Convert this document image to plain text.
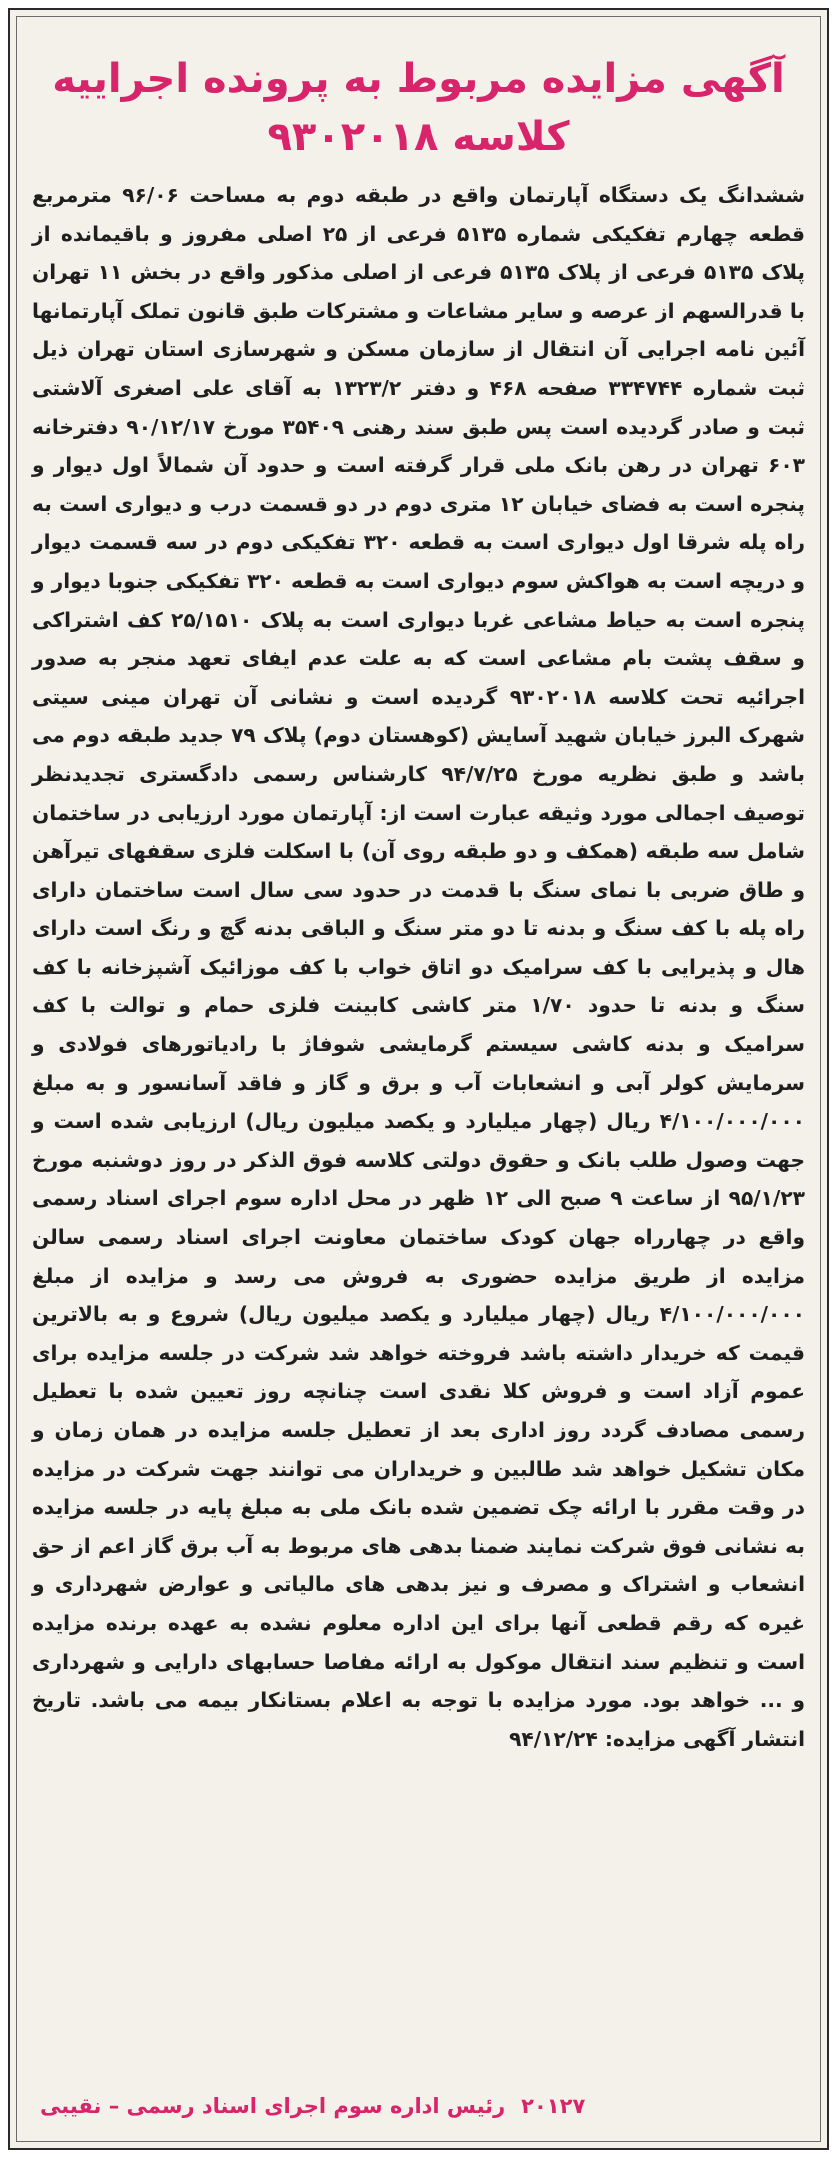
آگهی مزایده مربوط به پرونده اجراییه

کلاسه ۹۳۰۲۰۱۸

ششدانگ یک دستگاه آپارتمان واقع در طبقه دوم به مساحت ۹۶/۰۶ مترمربع قطعه چهارم تفکیکی شماره ۵۱۳۵ فرعی از ۲۵ اصلی مفروز و باقیمانده از پلاک ۵۱۳۵ فرعی از پلاک ۵۱۳۵ فرعی از اصلی مذکور واقع در بخش ۱۱ تهران با قدرالسهم از عرصه و سایر مشاعات و مشترکات طبق قانون تملک آپارتمانها آئین نامه اجرایی آن انتقال از سازمان مسکن و شهرسازی استان تهران ذیل ثبت شماره ۳۳۴۷۴۴ صفحه ۴۶۸ و دفتر ۱۳۲۳/۲ به آقای علی اصغری آلاشتی ثبت و صادر گردیده است پس طبق سند رهنی ۳۵۴۰۹ مورخ ۹۰/۱۲/۱۷ دفترخانه ۶۰۳ تهران در رهن بانک ملی قرار گرفته است و حدود آن شمالاً اول دیوار و پنجره است به فضای خیابان ۱۲ متری دوم در دو قسمت درب و دیواری است به راه پله شرقا اول دیواری است به قطعه ۳۲۰ تفکیکی دوم در سه قسمت دیوار و دریچه است به هواکش سوم دیواری است به قطعه ۳۲۰ تفکیکی جنوبا دیوار و پنجره است به حیاط مشاعی غربا دیواری است به پلاک ۲۵/۱۵۱۰ کف اشتراکی و سقف پشت بام مشاعی است که به علت عدم ایفای تعهد منجر به صدور اجرائیه تحت کلاسه ۹۳۰۲۰۱۸ گردیده است و نشانی آن تهران مینی سیتی شهرک البرز خیابان شهید آسایش (کوهستان دوم) پلاک ۷۹ جدید طبقه دوم می باشد و طبق نظریه مورخ ۹۴/۷/۲۵ کارشناس رسمی دادگستری تجدیدنظر توصیف اجمالی مورد وثیقه عبارت است از: آپارتمان مورد ارزیابی در ساختمان شامل سه طبقه (همکف و دو طبقه روی آن) با اسکلت فلزی سقفهای تیرآهن و طاق ضربی با نمای سنگ با قدمت در حدود سی سال است ساختمان دارای راه پله با کف سنگ و بدنه تا دو متر سنگ و الباقی بدنه گچ و رنگ است دارای هال و پذیرایی با کف سرامیک دو اتاق خواب با کف موزائیک آشپزخانه با کف سنگ و بدنه تا حدود ۱/۷۰ متر کاشی کابینت فلزی حمام و توالت با کف سرامیک و بدنه کاشی سیستم گرمایشی شوفاژ با رادیاتورهای فولادی و سرمایش کولر آبی و انشعابات آب و برق و گاز و فاقد آسانسور و به مبلغ ۴/۱۰۰/۰۰۰/۰۰۰ ریال (چهار میلیارد و یکصد میلیون ریال) ارزیابی شده است و جهت وصول طلب بانک و حقوق دولتی کلاسه فوق الذکر در روز دوشنبه مورخ ۹۵/۱/۲۳ از ساعت ۹ صبح الی ۱۲ ظهر در محل اداره سوم اجرای اسناد رسمی واقع در چهارراه جهان کودک ساختمان معاونت اجرای اسناد رسمی سالن مزایده از طریق مزایده حضوری به فروش می رسد و مزایده از مبلغ ۴/۱۰۰/۰۰۰/۰۰۰ ریال (چهار میلیارد و یکصد میلیون ریال) شروع و به بالاترین قیمت که خریدار داشته باشد فروخته خواهد شد شرکت در جلسه مزایده برای عموم آزاد است و فروش کلا نقدی است چنانچه روز تعیین شده با تعطیل رسمی مصادف گردد روز اداری بعد از تعطیل جلسه مزایده در همان زمان و مکان تشکیل خواهد شد طالبین و خریداران می توانند جهت شرکت در مزایده در وقت مقرر با ارائه چک تضمین شده بانک ملی به مبلغ پایه در جلسه مزایده به نشانی فوق شرکت نمایند ضمنا بدهی های مربوط به آب برق گاز اعم از حق انشعاب و اشتراک و مصرف و نیز بدهی های مالیاتی و عوارض شهرداری و غیره که رقم قطعی آنها برای این اداره معلوم نشده به عهده برنده مزایده است و تنظیم سند انتقال موکول به ارائه مفاصا حسابهای دارایی و شهرداری و ... خواهد بود. مورد مزایده با توجه به اعلام بستانکار بیمه می باشد. تاریخ انتشار آگهی مزایده: ۹۴/۱۲/۲۴

۲۰۱۲۷رئیس اداره سوم اجرای اسناد رسمی – نقیبی
